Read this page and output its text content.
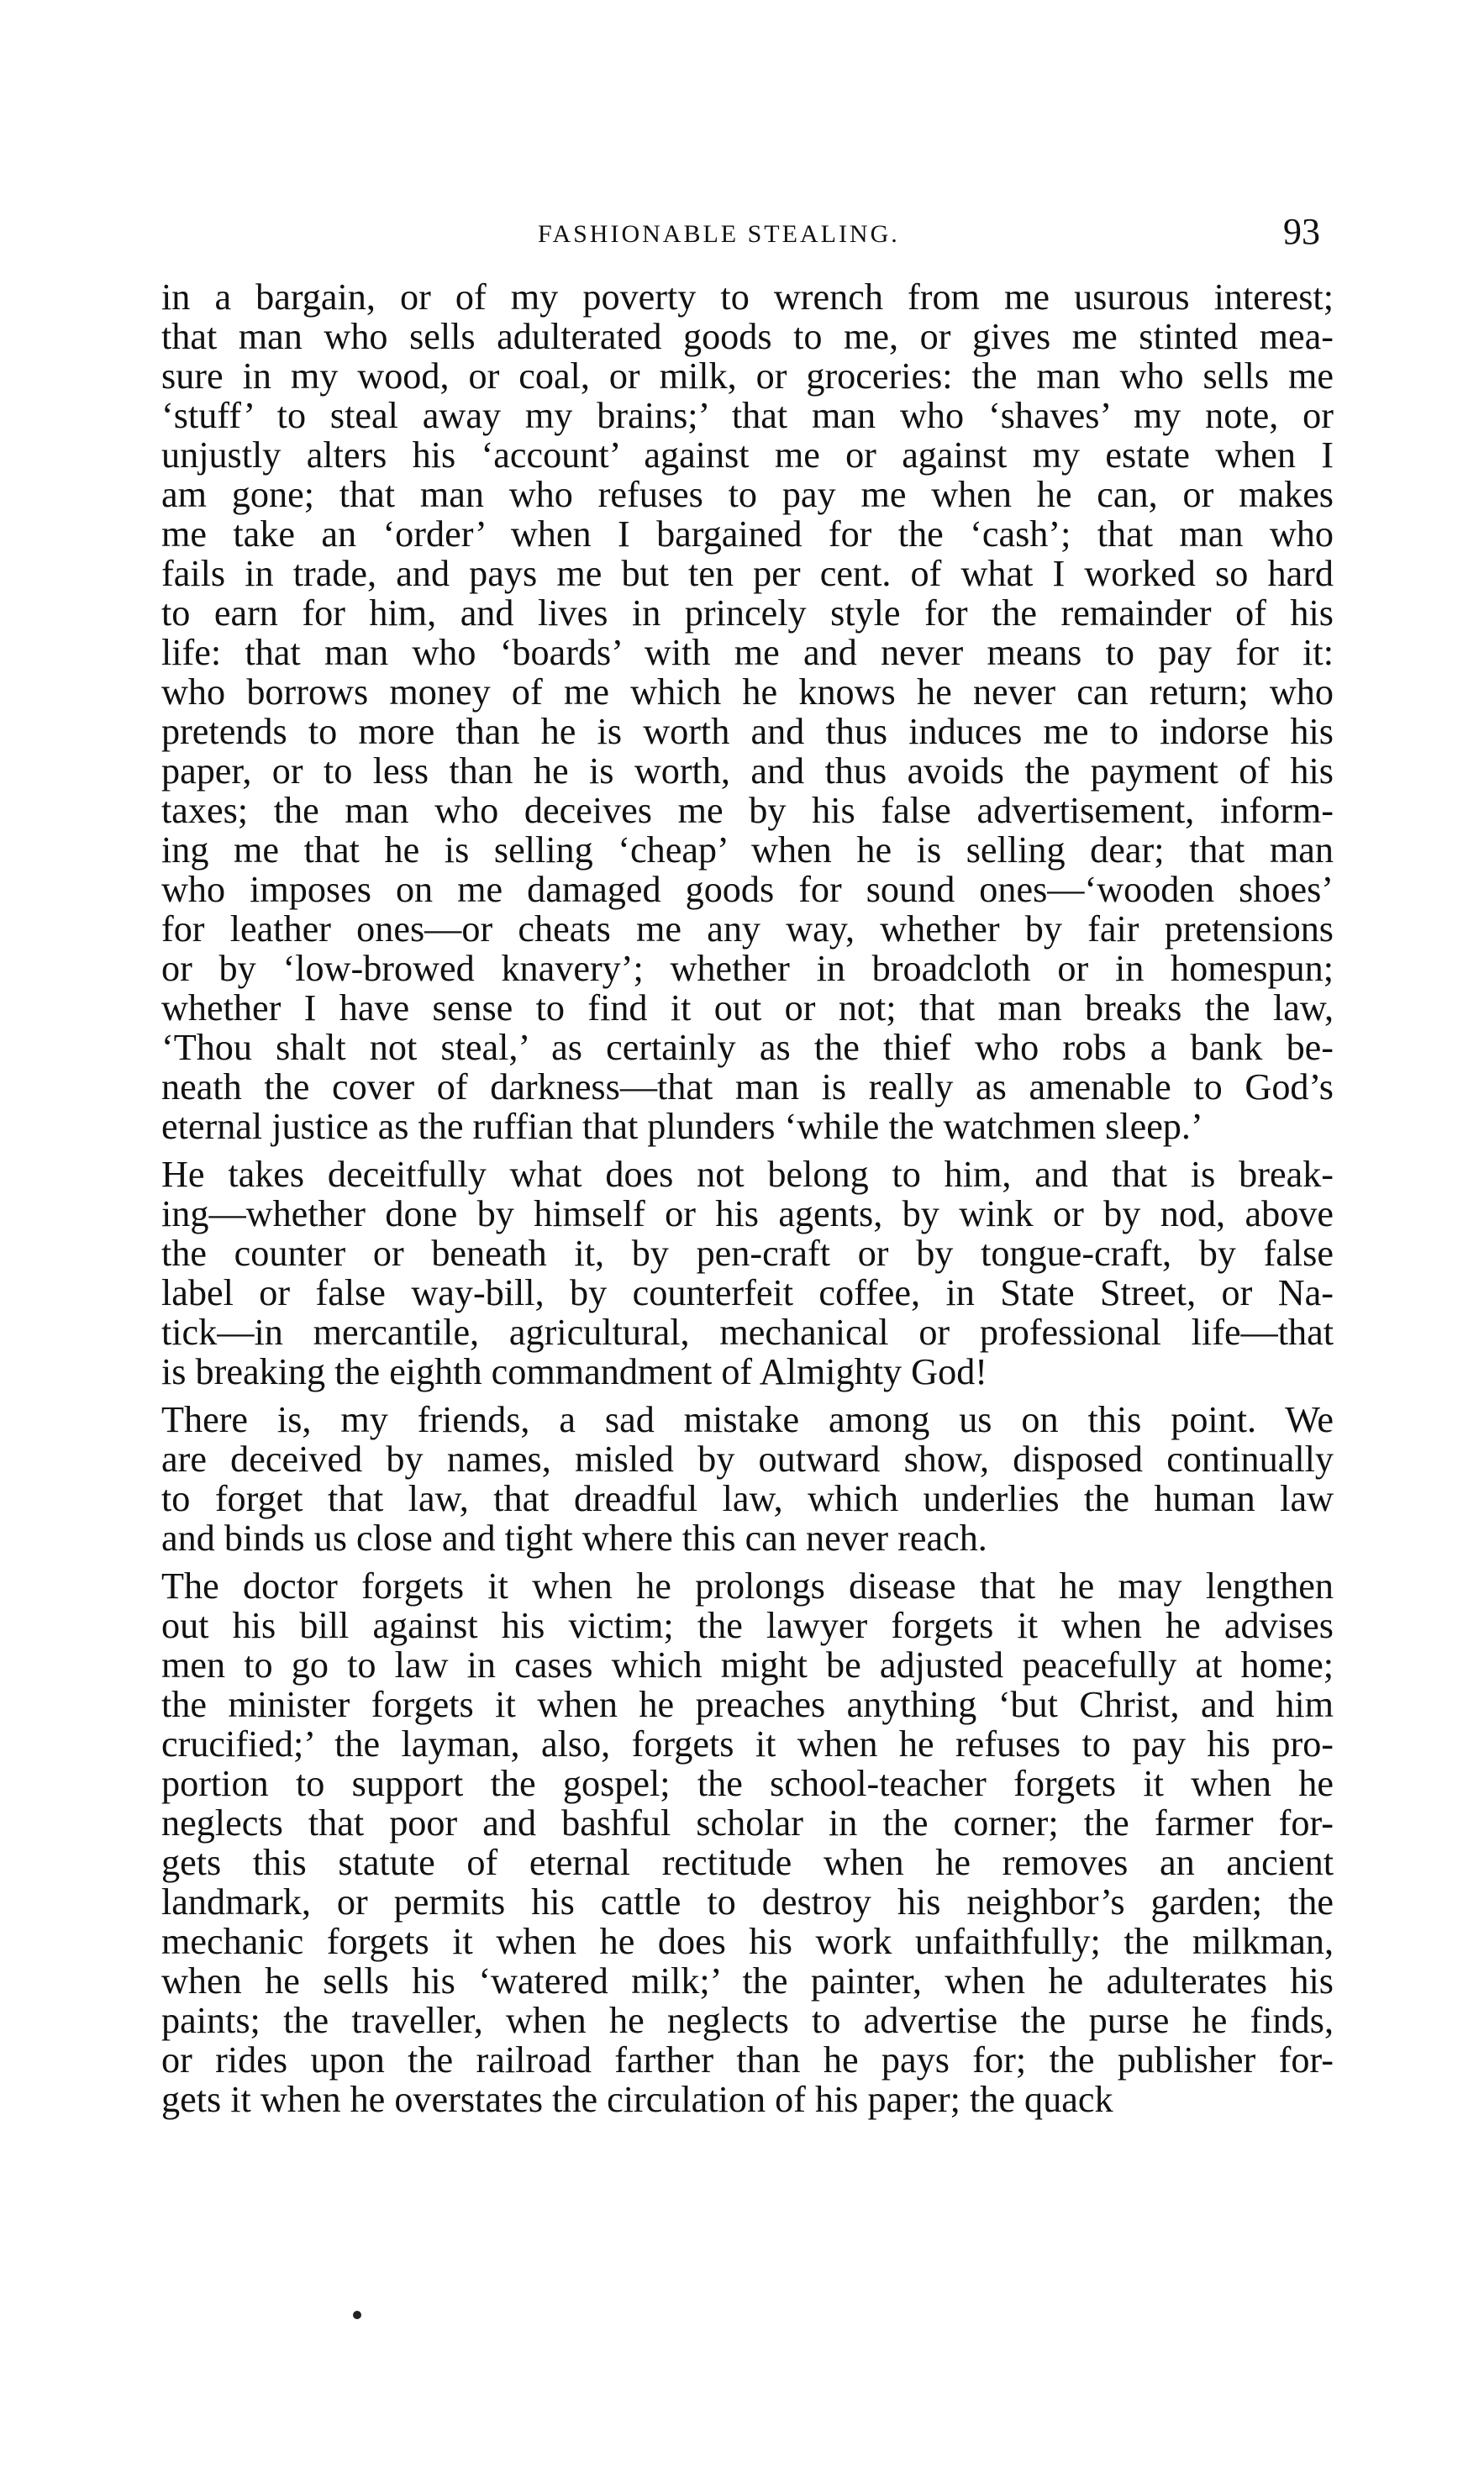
FASHIONABLE STEALING.	93
in a bargain, or of my poverty to wrench from me usurous interest;
that man who sells adulterated goods to me, or gives me stinted mea-
sure in my wood, or coal, or milk, or groceries: the man who sells me
‘stuff’ to steal away my brains;’ that man who ‘shaves’ my note, or
unjustly alters his ‘account’ against me or against my estate when I
am gone; that man who refuses to pay me when he can, or makes
me take an ‘order’ when I bargained for the ‘cash’; that man who
fails in trade, and pays me but ten per cent. of what I worked so hard
to earn for him, and lives in princely style for the remainder of his
life: that man who ‘boards’ with me and never means to pay for it:
who borrows money of me which he knows he never can return; who
pretends to more than he is worth and thus induces me to indorse his
paper, or to less than he is worth, and thus avoids the payment of his
taxes; the man who deceives me by his false advertisement, inform-
ing me that he is selling ‘cheap’ when he is selling dear; that man
who imposes on me damaged goods for sound ones—‘wooden shoes’
for leather ones—or cheats me any way, whether by fair pretensions
or by ‘low-browed knavery’; whether in broadcloth or in homespun;
whether I have sense to find it out or not; that man breaks the law,
‘Thou shalt not steal,’ as certainly as the thief who robs a bank be-
neath the cover of darkness—that man is really as amenable to God’s
eternal justice as the ruffian that plunders ‘while the watchmen sleep.’
He takes deceitfully what does not belong to him, and that is break-
ing—whether done by himself or his agents, by wink or by nod, above
the counter or beneath it, by pen-craft or by tongue-craft, by false
label or false way-bill, by counterfeit coffee, in State Street, or Na-
tick—in mercantile, agricultural, mechanical or professional life—that
is breaking the eighth commandment of Almighty God!
There is, my friends, a sad mistake among us on this point. We
are deceived by names, misled by outward show, disposed continually
to forget that law, that dreadful law, which underlies the human law
and binds us close and tight where this can never reach.
The doctor forgets it when he prolongs disease that he may lengthen
out his bill against his victim; the lawyer forgets it when he advises
men to go to law in cases which might be adjusted peacefully at home;
the minister forgets it when he preaches anything ‘but Christ, and him
crucified;’ the layman, also, forgets it when he refuses to pay his pro-
portion to support the gospel; the school-teacher forgets it when he
neglects that poor and bashful scholar in the corner; the farmer for-
gets this statute of eternal rectitude when he removes an ancient
landmark, or permits his cattle to destroy his neighbor’s garden; the
mechanic forgets it when he does his work unfaithfully; the milkman,
when he sells his ‘watered milk;’ the painter, when he adulterates his
paints; the traveller, when he neglects to advertise the purse he finds,
or rides upon the railroad farther than he pays for; the publisher for-
gets it when he overstates the circulation of his paper; the quack
